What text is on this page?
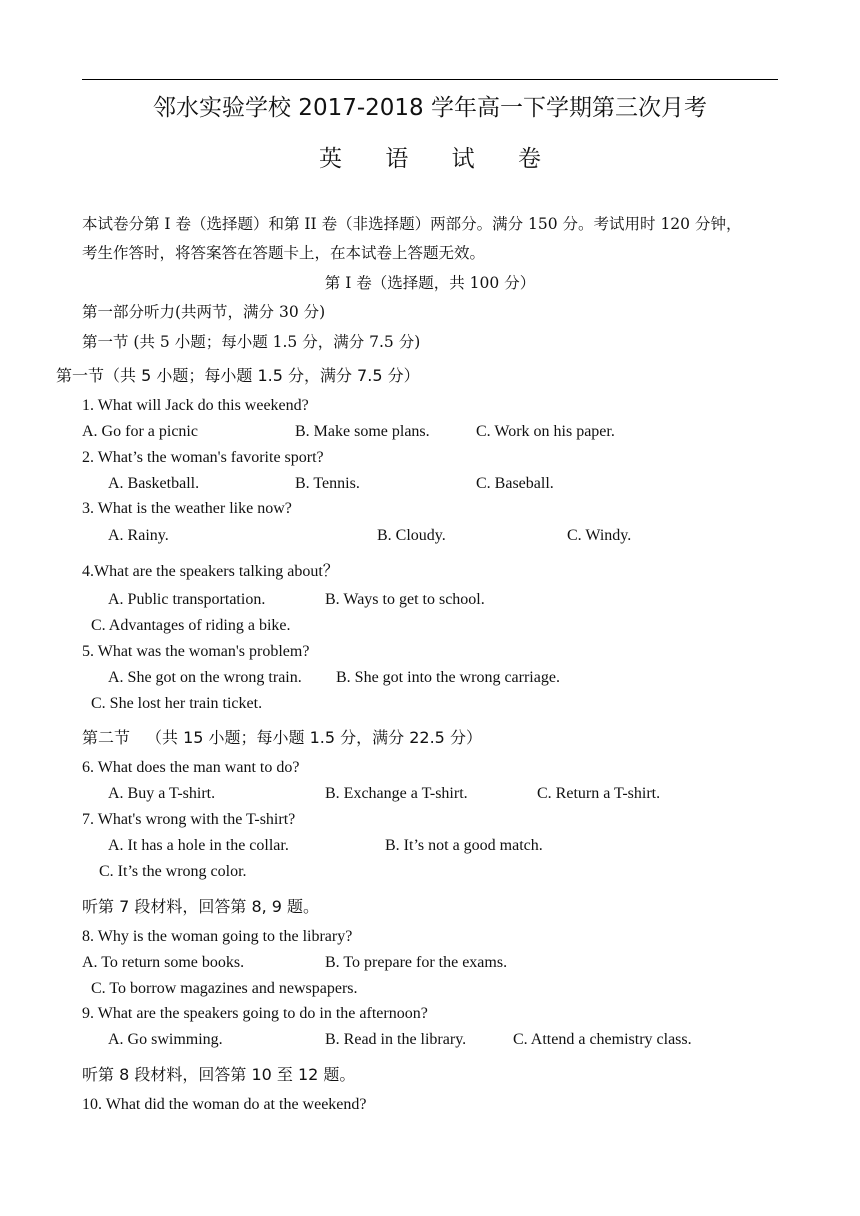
邻水实验学校 2017-2018 学年高一下学期第三次月考
英 语 试 卷
本试卷分第 I 卷（选择题）和第 II 卷（非选择题）两部分。满分 150 分。考试用时 120 分钟，
考生作答时，将答案答在答题卡上，在本试卷上答题无效。
第 Ⅰ 卷（选择题，共 100 分）
第一部分听力(共两节，满分 30 分)
第一节 (共 5 小题；每小题 1.5 分，满分 7.5 分)
第一节（共 5 小题；每小题 1.5 分，满分 7.5 分）
1. What will Jack do this weekend?
A. Go for a picnic	B. Make some plans.	C. Work on his paper.
2. What’s the woman's favorite sport?
A. Basketball.	B. Tennis.	C. Baseball.
3. What is the weather like now?
A. Rainy.	B. Cloudy.	C. Windy.
4.What are the speakers talking about？
A. Public transportation.	B. Ways to get to school.
C. Advantages of riding a bike.
5. What was the woman's problem?
A. She got on the wrong train. B. She got into the wrong carriage.
C. She lost her train ticket.
第二节 （共 15 小题；每小题 1.5 分，满分 22.5 分）
6. What does the man want to do?
A. Buy a T-shirt.	B. Exchange a T-shirt.	C. Return a T-shirt.
7. What's wrong with the T-shirt?
A. It has a hole in the collar.	B. It’s not a good match.
C. It’s the wrong color.
听第 7 段材料，回答第 8, 9 题。
8. Why is the woman going to the library?
A. To return some books.	B. To prepare for the exams.
C. To borrow magazines and newspapers.
9. What are the speakers going to do in the afternoon?
A. Go swimming.	B. Read in the library.	C. Attend a chemistry class.
听第 8 段材料，回答第 10 至 12 题。
10. What did the woman do at the weekend?
